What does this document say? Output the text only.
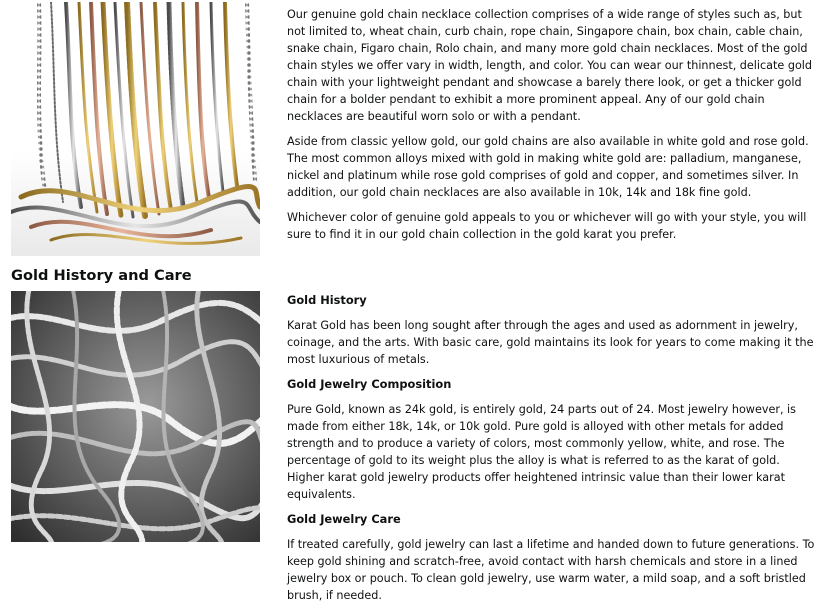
Our genuine gold chain necklace collection comprises of a wide range of styles such as, but not limited to, wheat chain, curb chain, rope chain, Singapore chain, box chain, cable chain, snake chain, Figaro chain, Rolo chain, and many more gold chain necklaces. Most of the gold chain styles we offer vary in width, length, and color. You can wear our thinnest, delicate gold chain with your lightweight pendant and showcase a barely there look, or get a thicker gold chain for a bolder pendant to exhibit a more prominent appeal. Any of our gold chain necklaces are beautiful worn solo or with a pendant.

Aside from classic yellow gold, our gold chains are also available in white gold and rose gold. The most common alloys mixed with gold in making white gold are: palladium, manganese, nickel and platinum while rose gold comprises of gold and copper, and sometimes silver. In addition, our gold chain necklaces are also available in 10k, 14k and 18k fine gold.

Whichever color of genuine gold appeals to you or whichever will go with your style, you will sure to find it in our gold chain collection in the gold karat you prefer.

Gold History and Care
Gold History

Karat Gold has been long sought after through the ages and used as adornment in jewelry, coinage, and the arts. With basic care, gold maintains its look for years to come making it the most luxurious of metals.

Gold Jewelry Composition

Pure Gold, known as 24k gold, is entirely gold, 24 parts out of 24. Most jewelry however, is made from either 18k, 14k, or 10k gold. Pure gold is alloyed with other metals for added strength and to produce a variety of colors, most commonly yellow, white, and rose. The percentage of gold to its weight plus the alloy is what is referred to as the karat of gold. Higher karat gold jewelry products offer heightened intrinsic value than their lower karat equivalents.

Gold Jewelry Care

If treated carefully, gold jewelry can last a lifetime and handed down to future generations. To keep gold shining and scratch-free, avoid contact with harsh chemicals and store in a lined jewelry box or pouch. To clean gold jewelry, use warm water, a mild soap, and a soft bristled brush, if needed.
